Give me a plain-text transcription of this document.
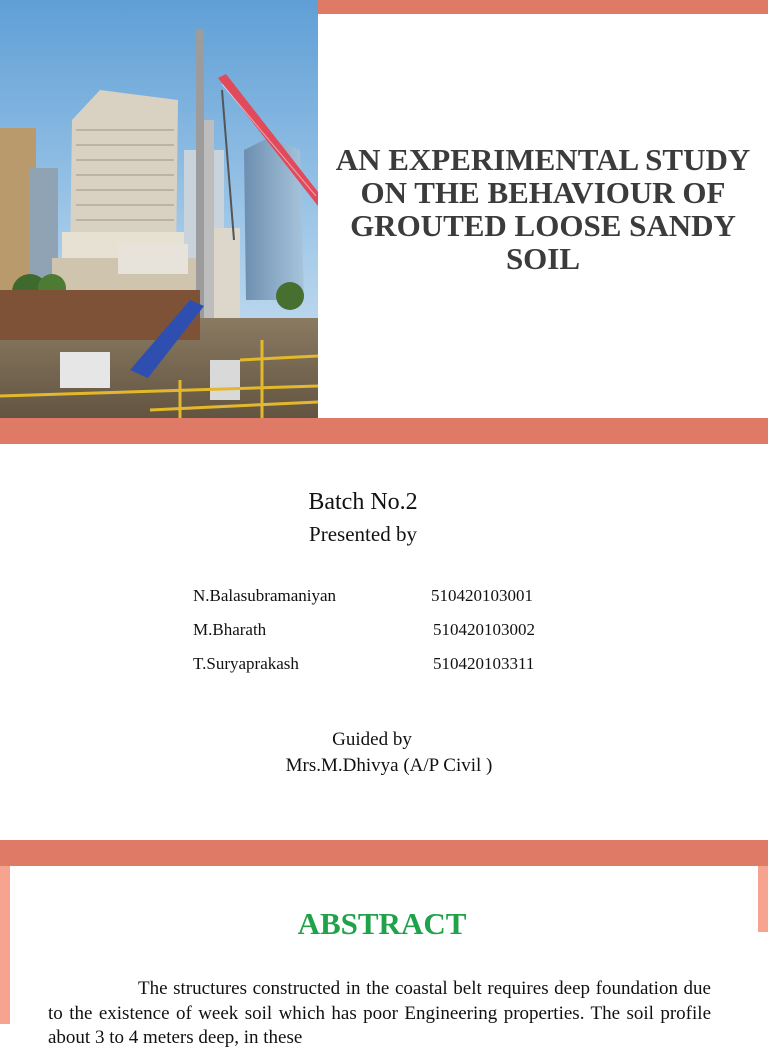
AN EXPERIMENTAL STUDY ON THE BEHAVIOUR OF GROUTED LOOSE SANDY SOIL
Batch No.2
Presented by
N.Balasubramaniyan	510420103001
M.Bharath	510420103002
T.Suryaprakash	510420103311
Guided by
Mrs.M.Dhivya (A/P Civil )
ABSTRACT

The structures constructed in the coastal belt requires deep foundation due to the existence of week soil which has poor Engineering properties. The soil profile about 3 to 4 meters deep, in these
